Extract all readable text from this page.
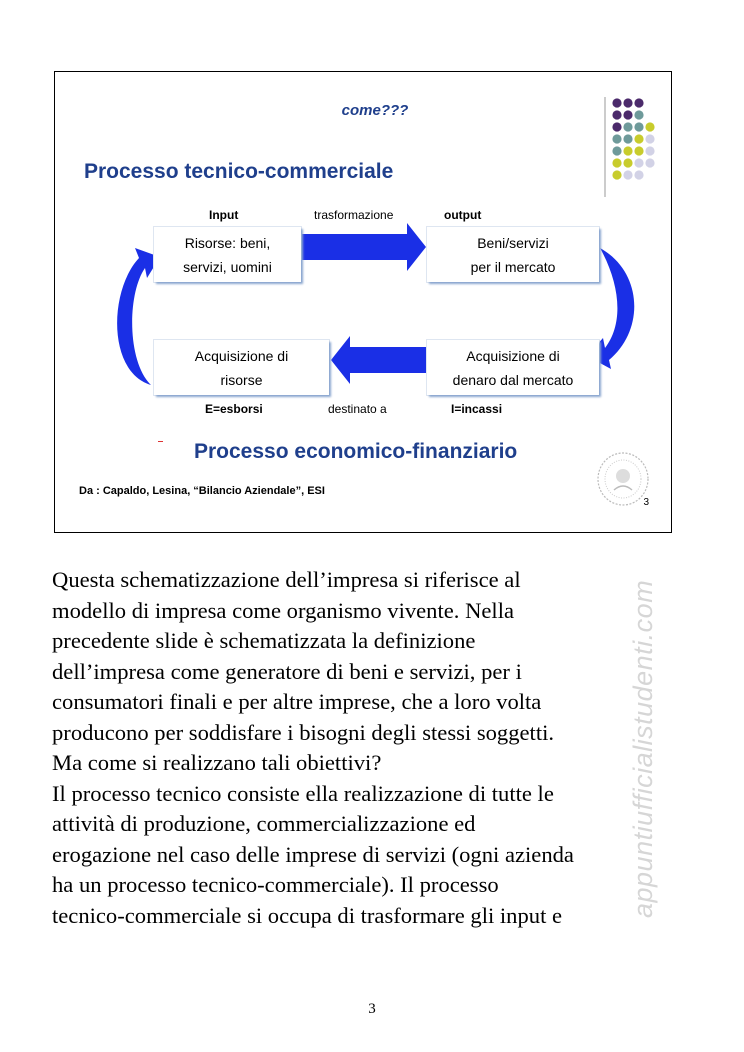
come???
Processo tecnico-commerciale
Input	trasformazione	output
Risorse: beni,
servizi, uomini
Beni/servizi
per il mercato
Acquisizione di
risorse
Acquisizione di
denaro dal mercato
E=esborsi	destinato a	I=incassi
Processo economico-finanziario
Da : Capaldo, Lesina, “Bilancio Aziendale”, ESI
3
Questa schematizzazione dell’impresa si riferisce al
modello di impresa come organismo vivente. Nella
precedente slide è schematizzata la definizione
dell’impresa come generatore di beni e servizi, per i
consumatori finali e per altre imprese, che a loro volta
producono per soddisfare i bisogni degli stessi soggetti.
Ma come si realizzano tali obiettivi?
Il processo tecnico consiste ella realizzazione di tutte le
attività di produzione, commercializzazione ed
erogazione nel caso delle imprese di servizi (ogni azienda
ha un processo tecnico-commerciale). Il processo
tecnico-commerciale si occupa di trasformare gli input e	appuntiufficialistudenti.com
3
